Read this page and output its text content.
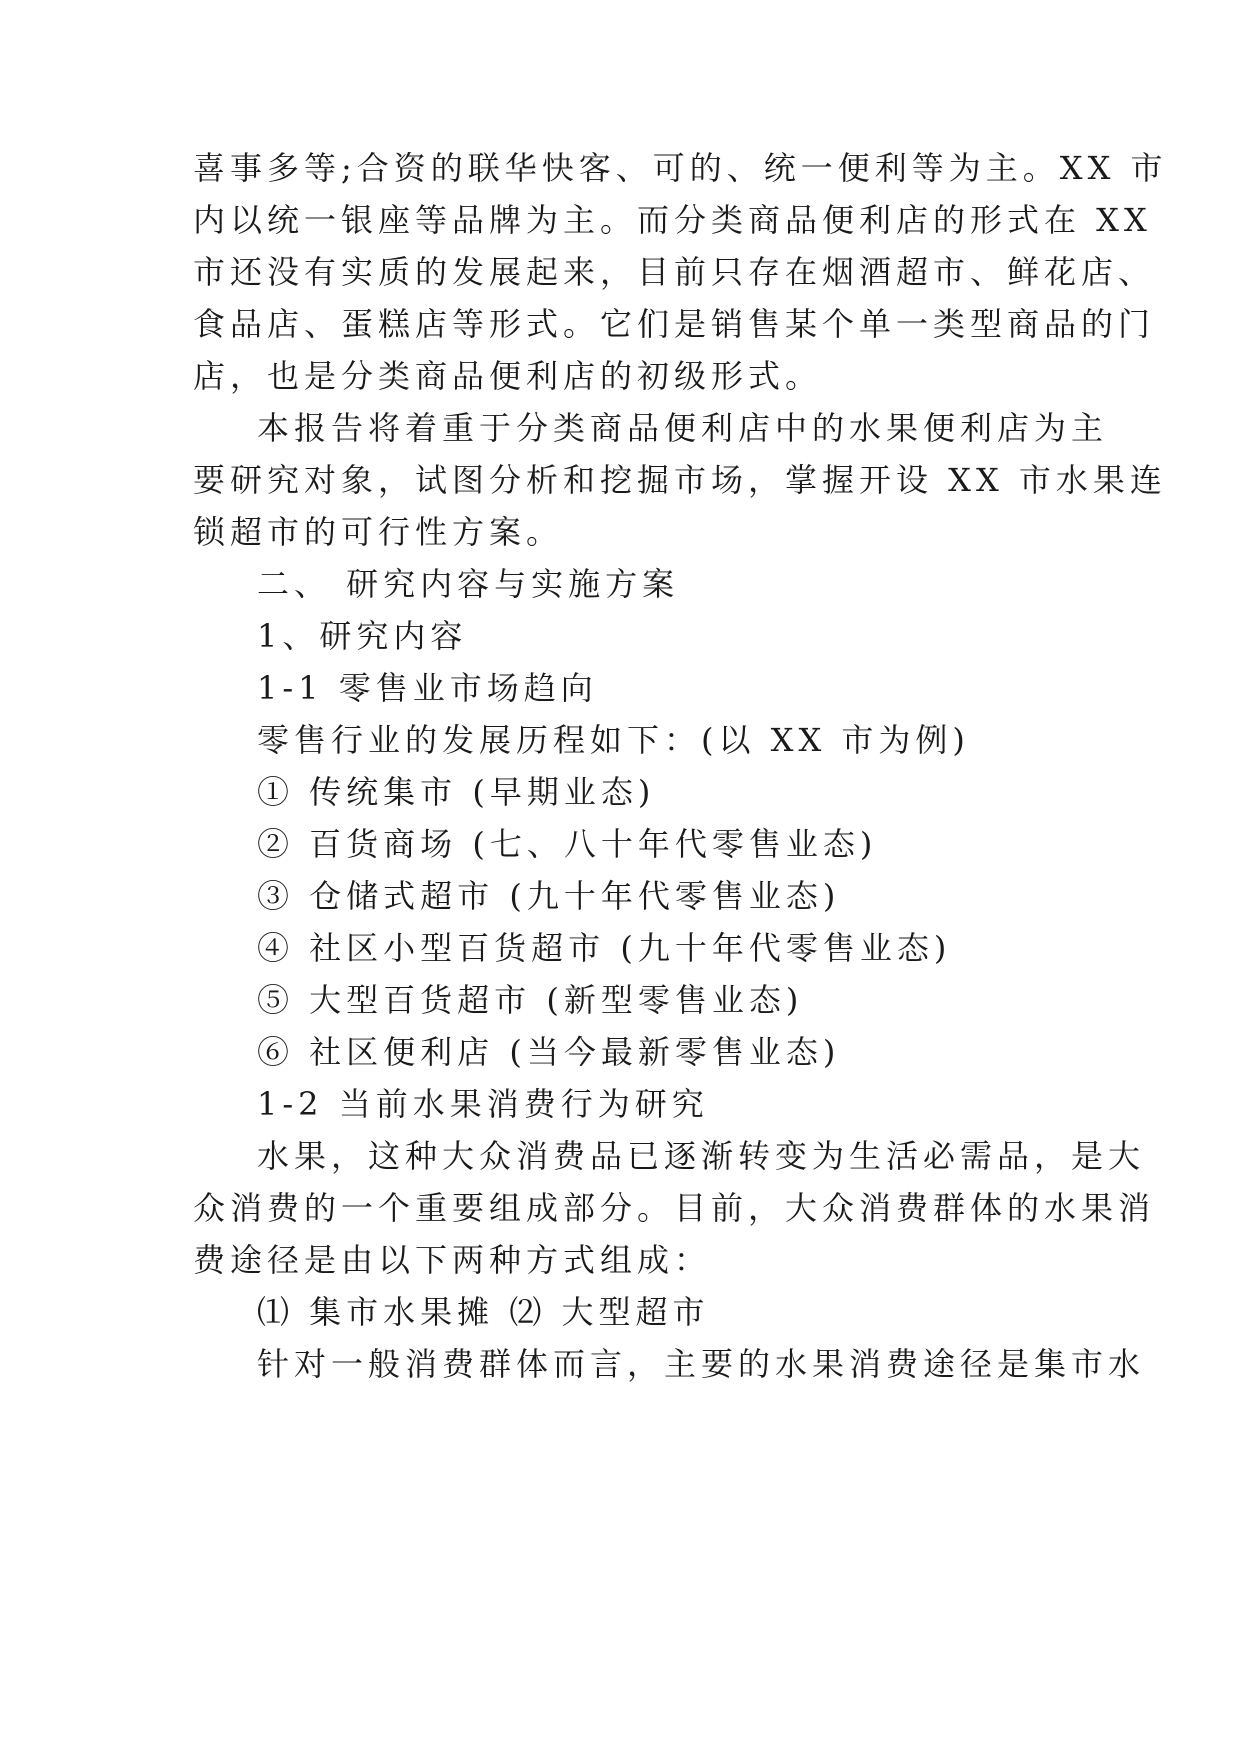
喜事多等;合资的联华快客、可的、统一便利等为主。XX 市
内以统一银座等品牌为主。而分类商品便利店的形式在 XX
市还没有实质的发展起来，目前只存在烟酒超市、鲜花店、
食品店、蛋糕店等形式。它们是销售某个单一类型商品的门
店，也是分类商品便利店的初级形式。
本报告将着重于分类商品便利店中的水果便利店为主
要研究对象，试图分析和挖掘市场，掌握开设 XX 市水果连
锁超市的可行性方案。
二、 研究内容与实施方案
1、研究内容
1-1 零售业市场趋向
零售行业的发展历程如下：(以 XX 市为例)
① 传统集市 (早期业态)
② 百货商场 (七、八十年代零售业态)
③ 仓储式超市 (九十年代零售业态)
④ 社区小型百货超市 (九十年代零售业态)
⑤ 大型百货超市 (新型零售业态)
⑥ 社区便利店 (当今最新零售业态)
1-2 当前水果消费行为研究
水果，这种大众消费品已逐渐转变为生活必需品，是大
众消费的一个重要组成部分。目前，大众消费群体的水果消
费途径是由以下两种方式组成：
⑴ 集市水果摊 ⑵ 大型超市
针对一般消费群体而言，主要的水果消费途径是集市水
